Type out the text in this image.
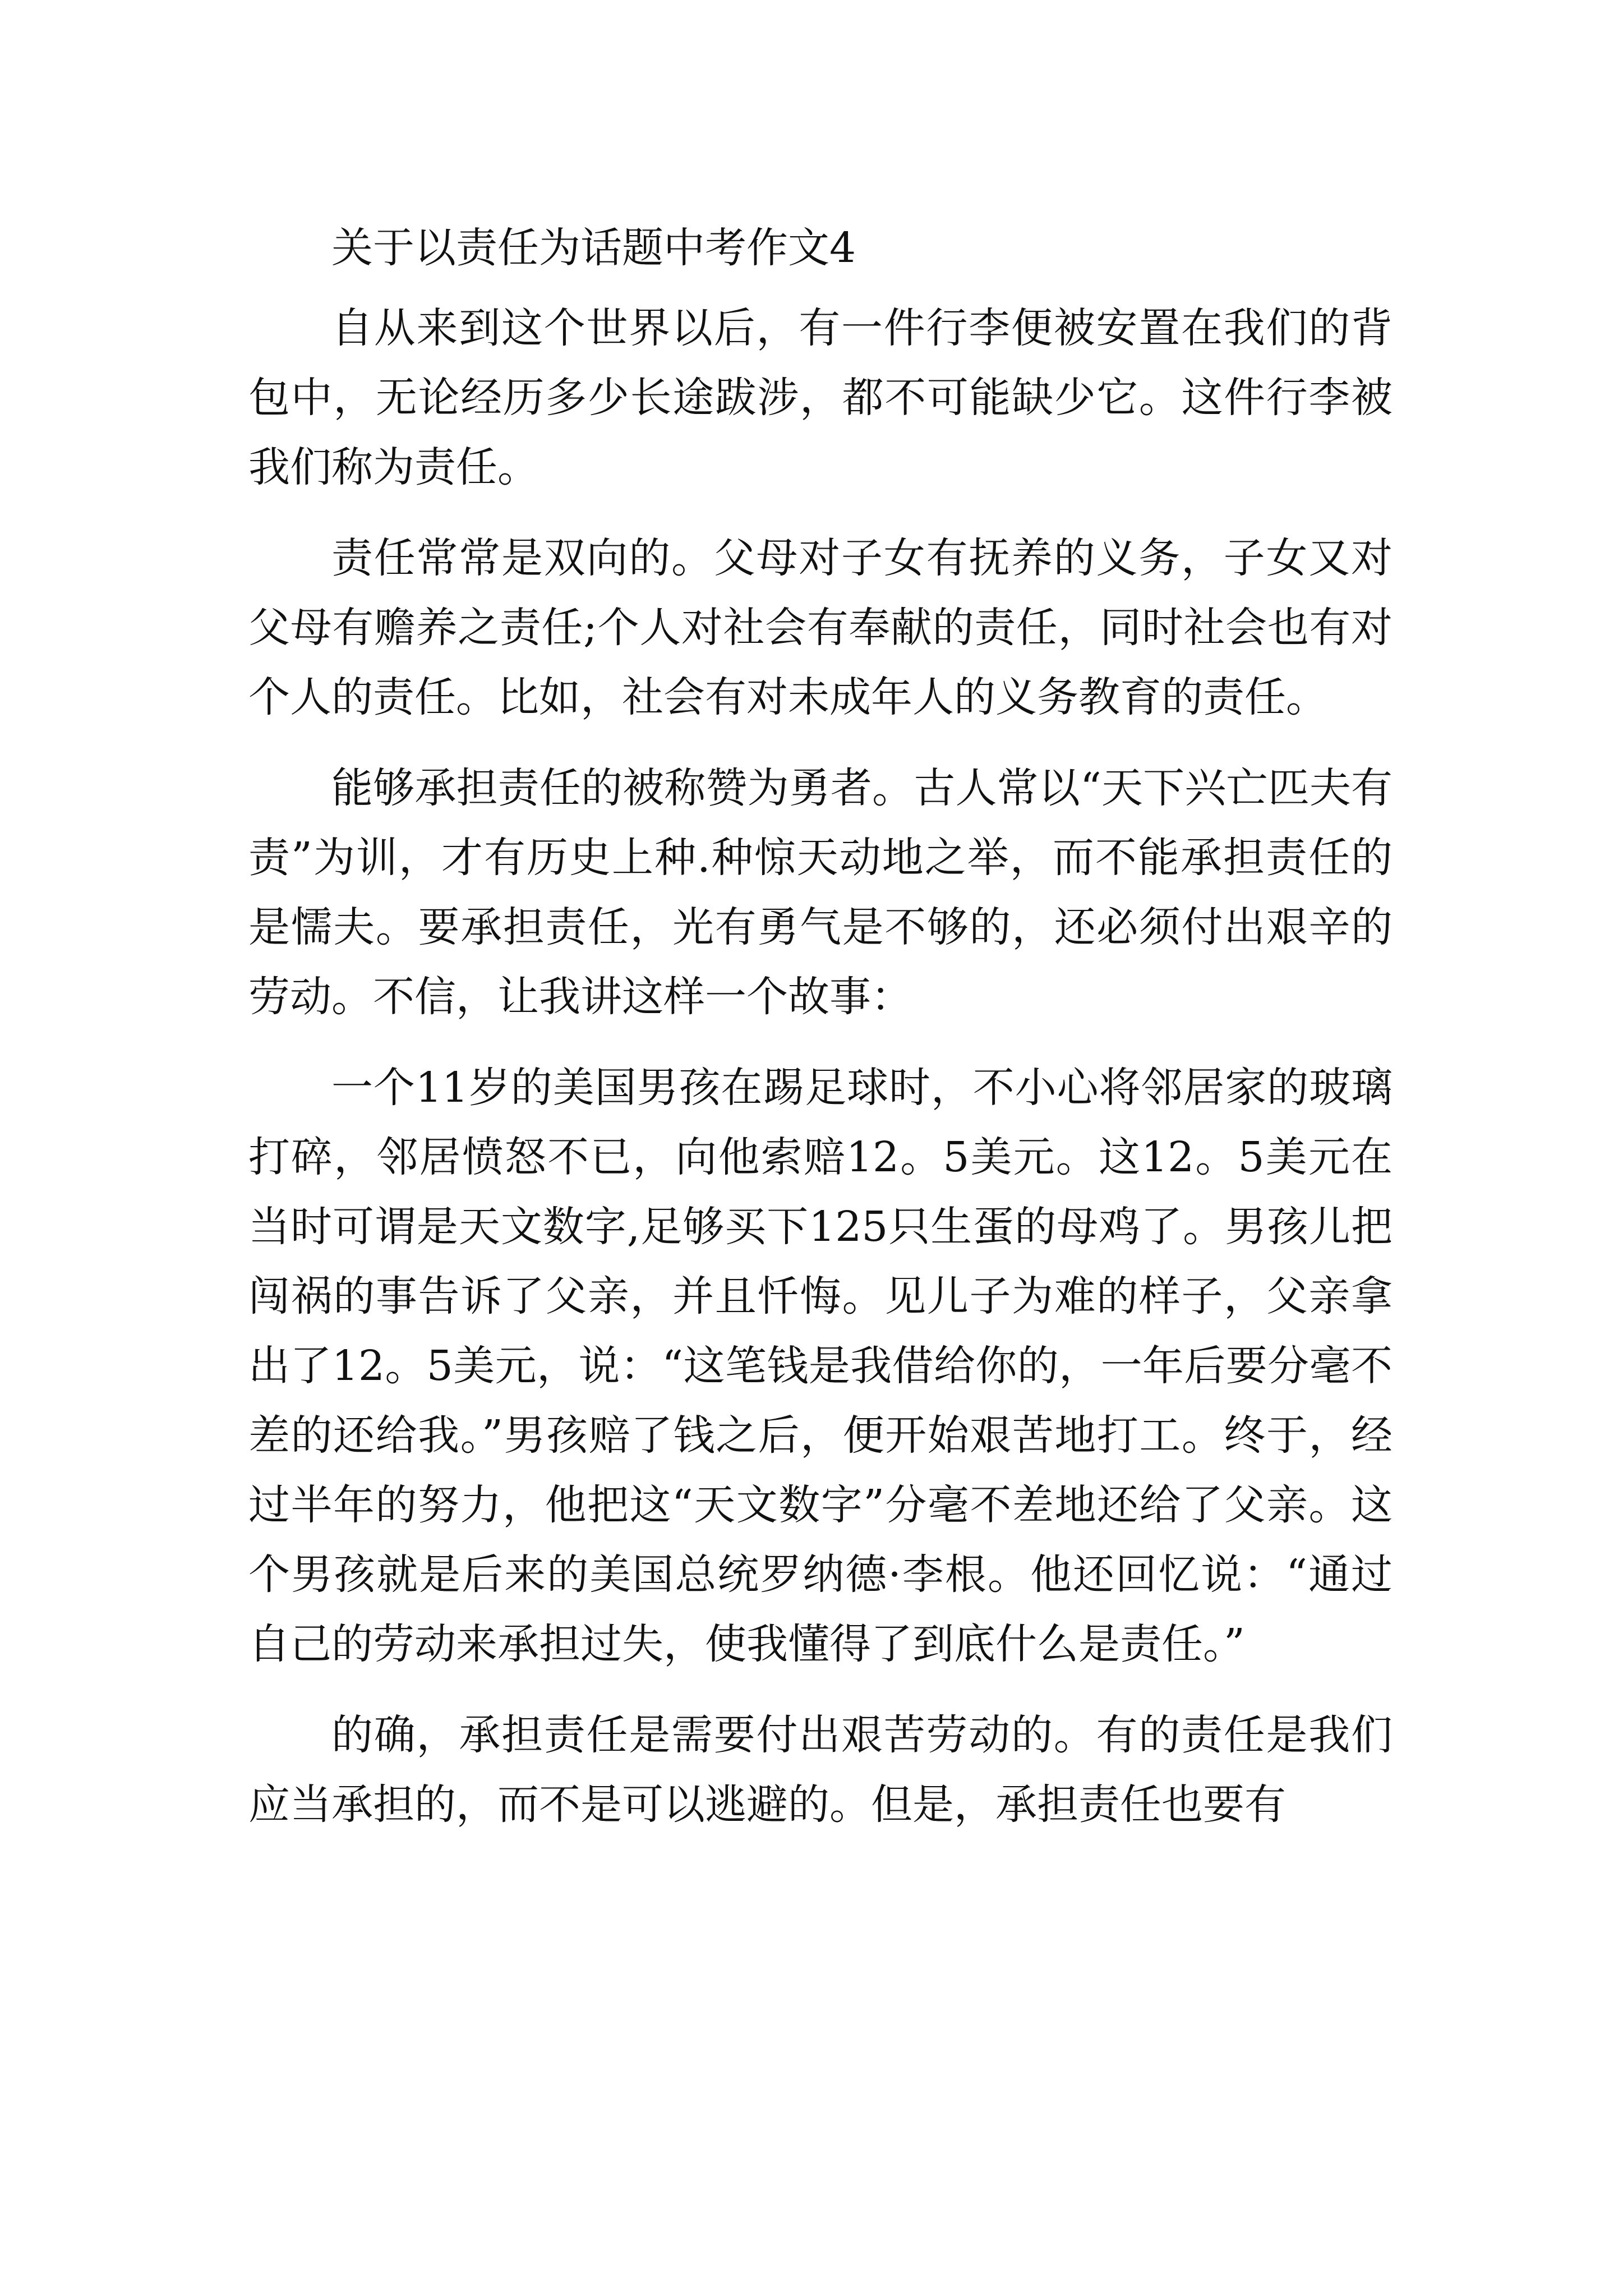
关于以责任为话题中考作文4

自从来到这个世界以后，有一件行李便被安置在我们的背包中，无论经历多少长途跋涉，都不可能缺少它。这件行李被我们称为责任。

责任常常是双向的。父母对子女有抚养的义务，子女又对父母有赡养之责任;个人对社会有奉献的责任，同时社会也有对个人的责任。比如，社会有对未成年人的义务教育的责任。

能够承担责任的被称赞为勇者。古人常以“天下兴亡匹夫有责”为训，才有历史上种.种惊天动地之举，而不能承担责任的是懦夫。要承担责任，光有勇气是不够的，还必须付出艰辛的劳动。不信，让我讲这样一个故事：

一个11岁的美国男孩在踢足球时，不小心将邻居家的玻璃打碎，邻居愤怒不已，向他索赔12。5美元。这12。5美元在当时可谓是天文数字,足够买下125只生蛋的母鸡了。男孩儿把闯祸的事告诉了父亲，并且忏悔。见儿子为难的样子，父亲拿出了12。5美元，说：“这笔钱是我借给你的，一年后要分毫不差的还给我。”男孩赔了钱之后，便开始艰苦地打工。终于，经过半年的努力，他把这“天文数字”分毫不差地还给了父亲。这个男孩就是后来的美国总统罗纳德·李根。他还回忆说：“通过自己的劳动来承担过失，使我懂得了到底什么是责任。”

的确，承担责任是需要付出艰苦劳动的。有的责任是我们应当承担的，而不是可以逃避的。但是，承担责任也要有
